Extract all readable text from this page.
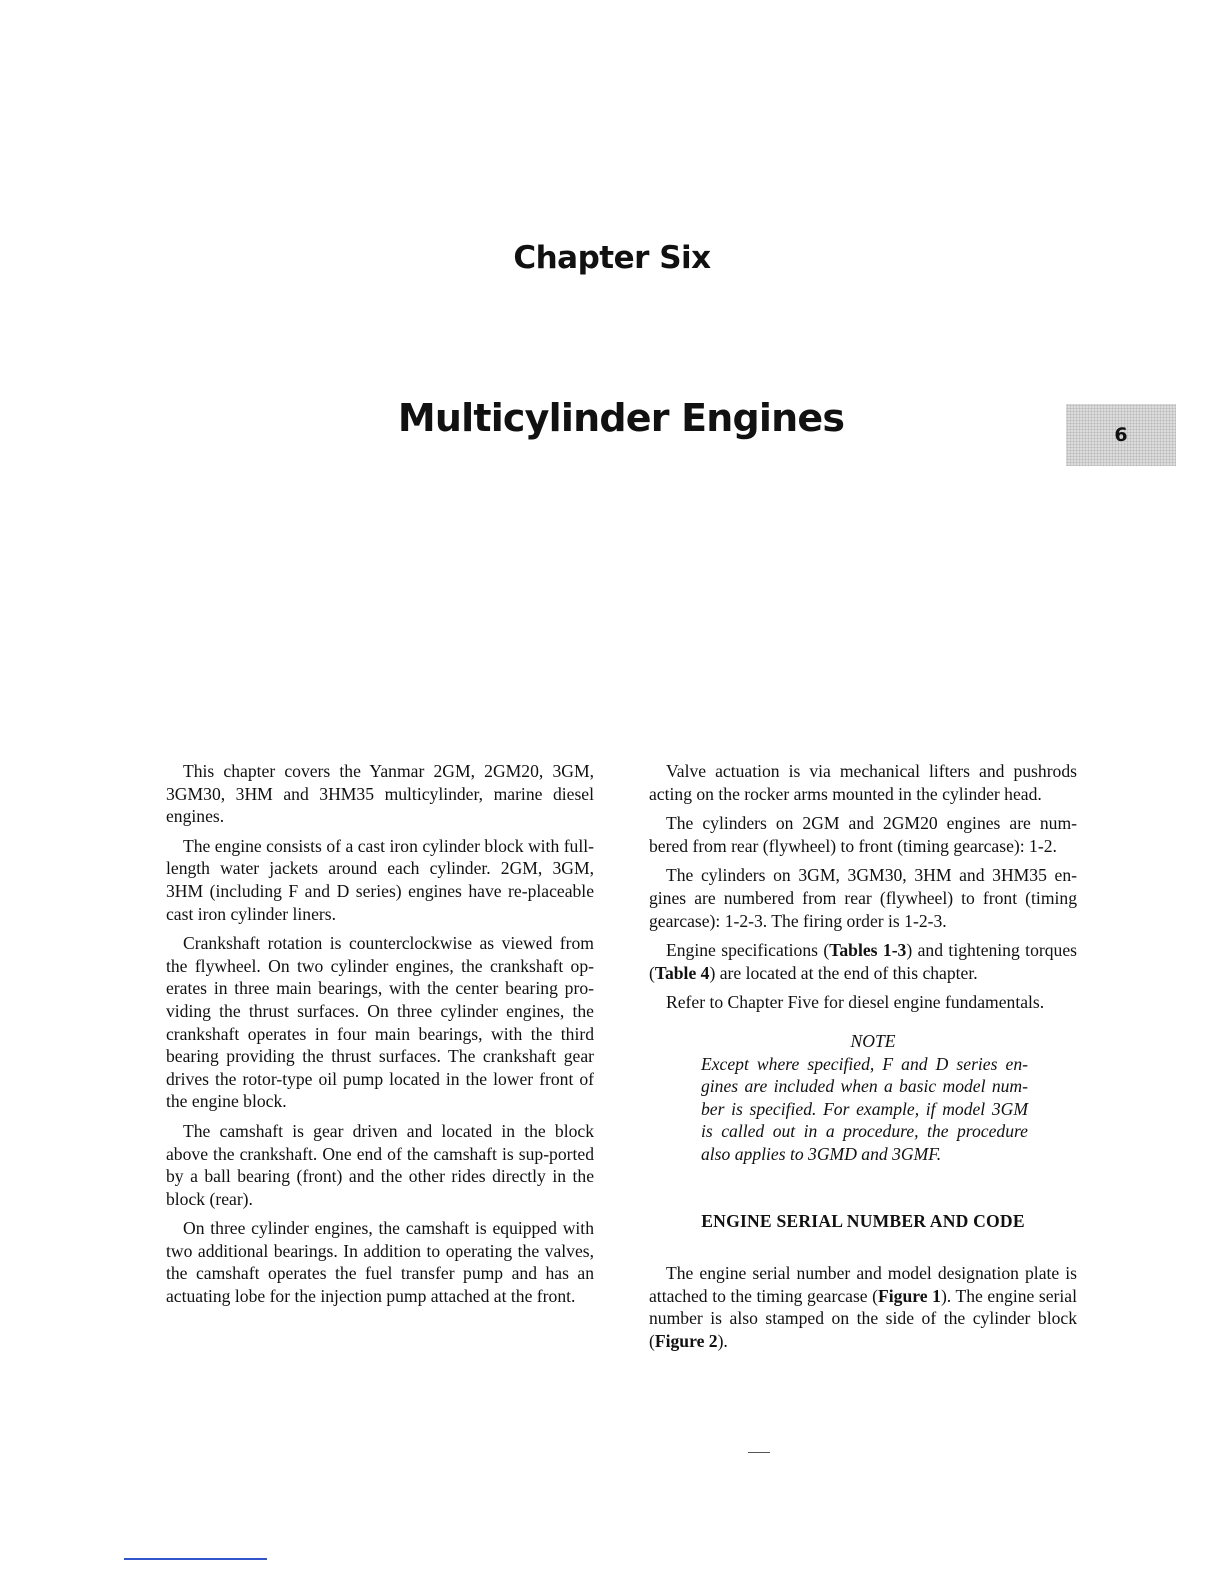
Chapter Six
Multicylinder Engines	6

This chapter covers the Yanmar 2GM, 2GM20, 3GM, 3GM30, 3HM and 3HM35 multicylinder, marine diesel engines.

The engine consists of a cast iron cylinder block with full-length water jackets around each cylinder. 2GM, 3GM, 3HM (including F and D series) engines have re-placeable cast iron cylinder liners.

Crankshaft rotation is counterclockwise as viewed from the flywheel. On two cylinder engines, the crankshaft op-erates in three main bearings, with the center bearing pro-viding the thrust surfaces. On three cylinder engines, the crankshaft operates in four main bearings, with the third bearing providing the thrust surfaces. The crankshaft gear drives the rotor-type oil pump located in the lower front of the engine block.

The camshaft is gear driven and located in the block above the crankshaft. One end of the camshaft is sup-ported by a ball bearing (front) and the other rides directly in the block (rear).

On three cylinder engines, the camshaft is equipped with two additional bearings. In addition to operating the valves, the camshaft operates the fuel transfer pump and has an actuating lobe for the injection pump attached at the front.

Valve actuation is via mechanical lifters and pushrods acting on the rocker arms mounted in the cylinder head.

The cylinders on 2GM and 2GM20 engines are num-bered from rear (flywheel) to front (timing gearcase): 1-2.

The cylinders on 3GM, 3GM30, 3HM and 3HM35 en-gines are numbered from rear (flywheel) to front (timing gearcase): 1-2-3. The firing order is 1-2-3.

Engine specifications (Tables 1-3) and tightening torques (Table 4) are located at the end of this chapter.

Refer to Chapter Five for diesel engine fundamentals.

NOTE
Except where specified, F and D series en-gines are included when a basic model num-ber is specified. For example, if model 3GM is called out in a procedure, the procedure also applies to 3GMD and 3GMF.
ENGINE SERIAL NUMBER AND CODE

The engine serial number and model designation plate is attached to the timing gearcase (Figure 1). The engine serial number is also stamped on the side of the cylinder block (Figure 2).
